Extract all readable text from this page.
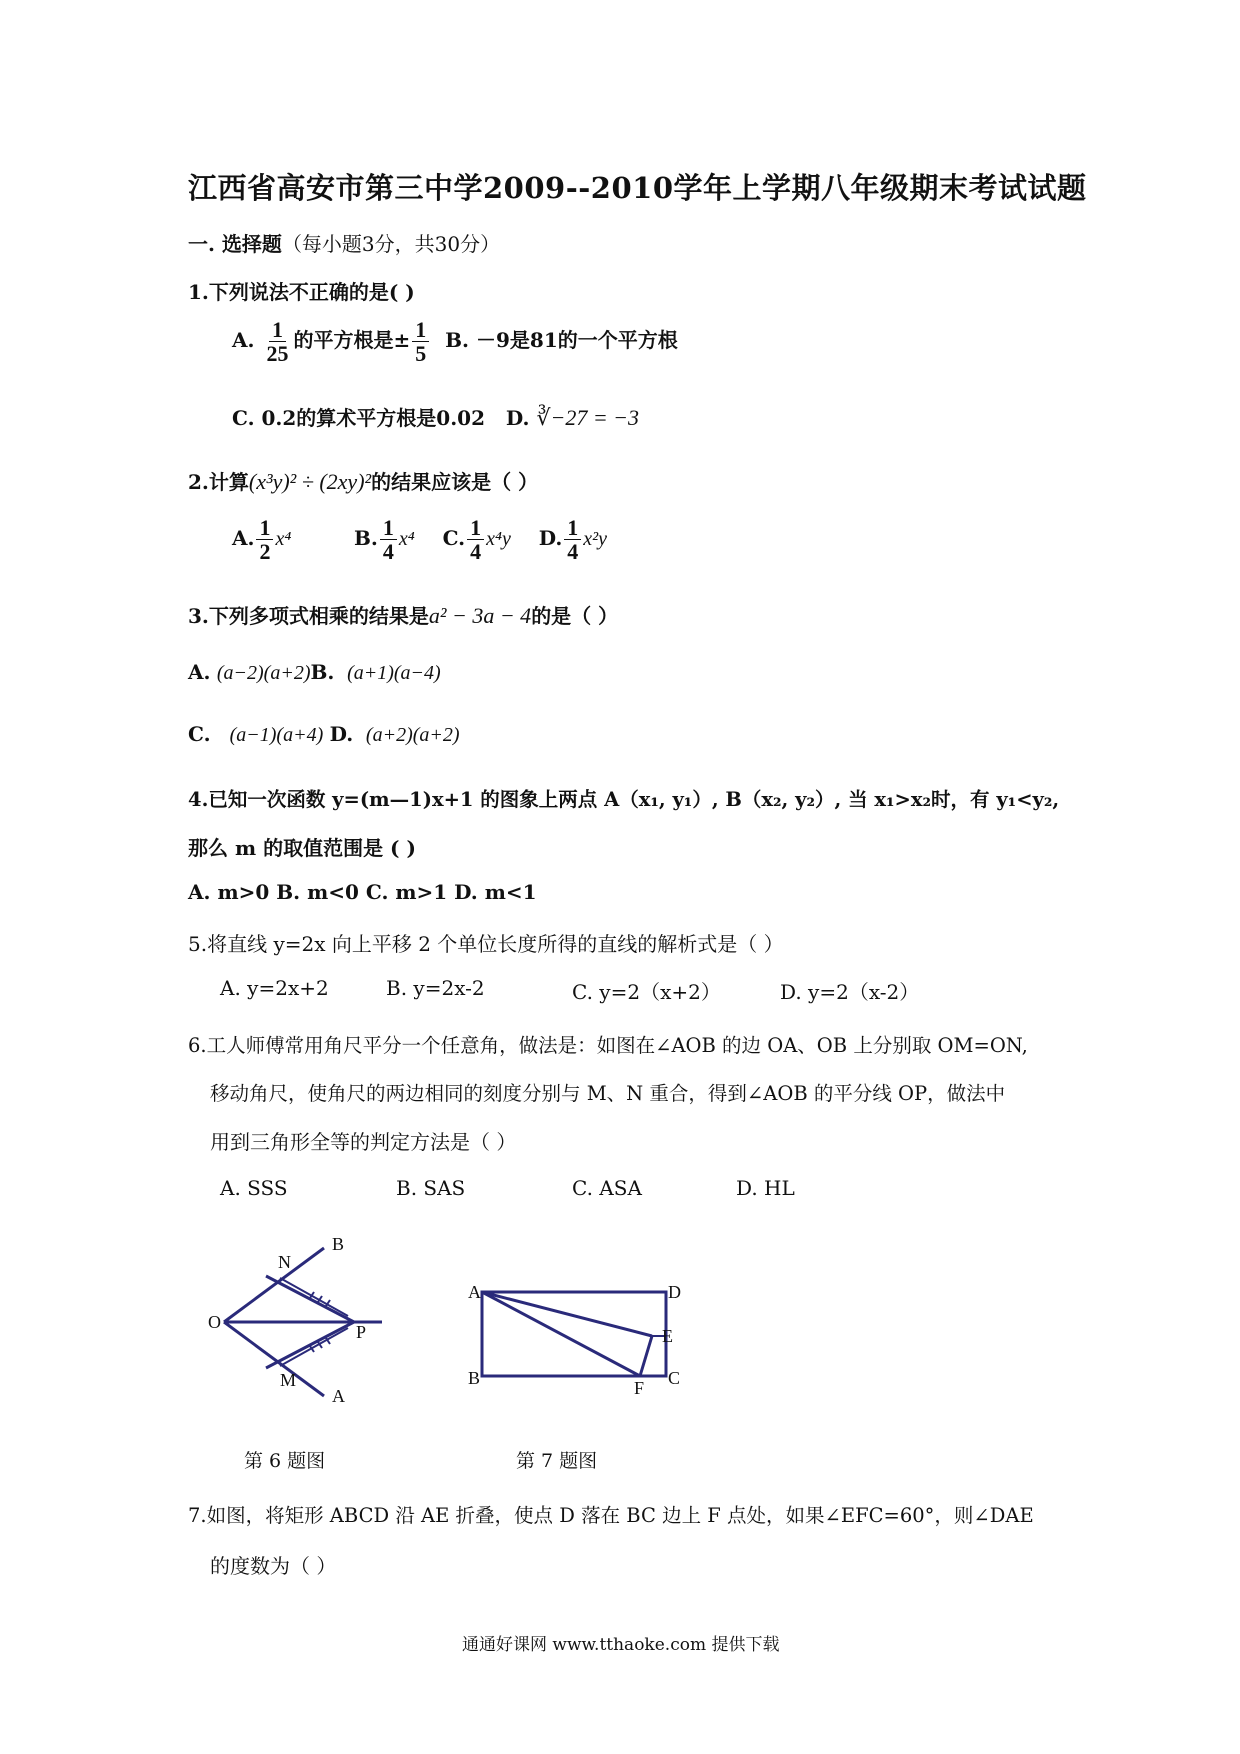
江西省高安市第三中学2009--2010学年上学期八年级期末考试试题
一. 选择题（每小题3分，共30分）
1.下列说法不正确的是( )
A. $\frac{1}{25}$ 的平方根是± $\frac{1}{5} B$. －9是81的一个平方根
C. 0.2的算术平方根是0.02 D. ∛−27 = −3
2.计算(x³y)² ÷ (2xy)²的结果应该是（ ）
A. $\frac{1}{2} x^4$	B. $\frac{1}{4} x^4$ C. $\frac{1}{4} x^4y$ D. $\frac{1}{4} x^2y$
3.下列多项式相乘的结果是a² − 3a − 4的是（ ）
A. (a−2)(a+2)B. (a+1)(a−4)
C. (a−1)(a+4) D. (a+2)(a+2)
4.已知一次函数 y=(m—1)x+1 的图象上两点 A（x₁, y₁）, B（x₂, y₂）, 当 x₁>x₂时，有 y₁<y₂,
那么 m 的取值范围是 ( )
A. m>0 B. m<0 C. m>1 D. m<1
5.将直线 y=2x 向上平移 2 个单位长度所得的直线的解析式是（ ）
A. y=2x+2	B. y=2x-2	C. y=2（x+2）	D. y=2（x-2）
6.工人师傅常用角尺平分一个任意角，做法是：如图在∠AOB 的边 OA、OB 上分别取 OM=ON,
移动角尺，使角尺的两边相同的刻度分别与 M、N 重合，得到∠AOB 的平分线 OP，做法中
用到三角形全等的判定方法是（ ）
A. SSS	B. SAS	C. ASA	D. HL
O
N
B
P
M
A
第 6 题图
A	D
E
B	F C
第 7 题图
7.如图，将矩形 ABCD 沿 AE 折叠，使点 D 落在 BC 边上 F 点处，如果∠EFC=60°，则∠DAE
的度数为（ ）
通通好课网 www.tthaoke.com 提供下载
